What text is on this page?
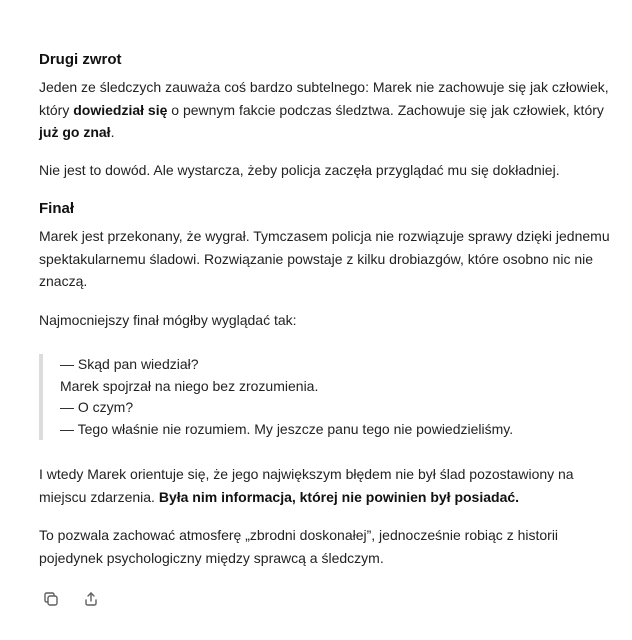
Drugi zwrot

Jeden ze śledczych zauważa coś bardzo subtelnego: Marek nie zachowuje się jak człowiek, który dowiedział się o pewnym fakcie podczas śledztwa. Zachowuje się jak człowiek, który już go znał.

Nie jest to dowód. Ale wystarcza, żeby policja zaczęła przyglądać mu się dokładniej.

Finał

Marek jest przekonany, że wygrał. Tymczasem policja nie rozwiązuje sprawy dzięki jednemu spektakularnemu śladowi. Rozwiązanie powstaje z kilku drobiazgów, które osobno nic nie znaczą.

Najmocniejszy finał mógłby wyglądać tak:

— Skąd pan wiedział?

Marek spojrzał na niego bez zrozumienia.

— O czym?

— Tego właśnie nie rozumiem. My jeszcze panu tego nie powiedzieliśmy.

I wtedy Marek orientuje się, że jego największym błędem nie był ślad pozostawiony na miejscu zdarzenia. Była nim informacja, której nie powinien był posiadać.

To pozwala zachować atmosferę „zbrodni doskonałej”, jednocześnie robiąc z historii pojedynek psychologiczny między sprawcą a śledczym.
